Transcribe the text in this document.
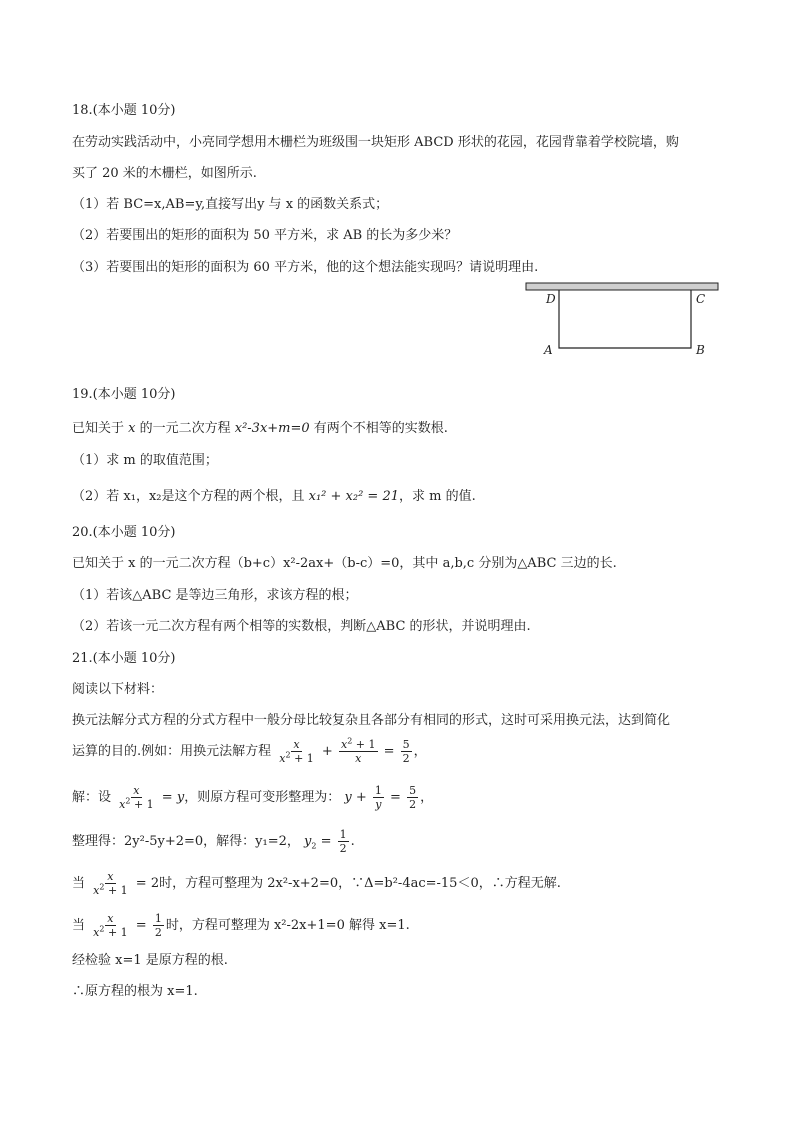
18.(本小题 10分)
在劳动实践活动中，小亮同学想用木栅栏为班级围一块矩形 ABCD 形状的花园，花园背靠着学校院墙，购
买了 20 米的木栅栏，如图所示.
（1）若 BC=x,AB=y,直接写出y 与 x 的函数关系式；
（2）若要围出的矩形的面积为 50 平方米，求 AB 的长为多少米？
（3）若要围出的矩形的面积为 60 平方米，他的这个想法能实现吗？请说明理由.
D	C
A	B
19.(本小题 10分)
已知关于 x 的一元二次方程 x²-3x+m=0 有两个不相等的实数根.
（1）求 m 的取值范围；
（2）若 x₁，x₂是这个方程的两个根，且 x₁² + x₂² = 21，求 m 的值.
20.(本小题 10分)
已知关于 x 的一元二次方程（b+c）x²-2ax+（b-c）=0，其中 a,b,c 分别为△ABC 三边的长.
（1）若该△ABC 是等边三角形，求该方程的根；
（2）若该一元二次方程有两个相等的实数根，判断△ABC 的形状，并说明理由.
21.(本小题 10分)
阅读以下材料：
换元法解分式方程的分式方程中一般分母比较复杂且各部分有相同的形式，这时可采用换元法，达到简化
运算的目的.例如：用换元法解方程 $\frac{x}{x^2 + 1} + \frac{x^2 + 1}{x} = \frac{5}{2}$ ，
解：设 $\frac{x}{x^2 + 1} = y$，则原方程可变形整理为： $y + \frac{1}{y} = \frac{5}{2}$ ，
整理得：2y²-5y+2=0，解得：y₁=2， $y_2 = \frac{1}{2}$ .
当 $\frac{x}{x^2 + 1} = 2$时，方程可整理为 2x²-x+2=0，∵Δ=b²-4ac=-15＜0，∴方程无解.
当 $\frac{x}{x^2 + 1} = \frac{1}{2}$ 时，方程可整理为 x²-2x+1=0 解得 x=1.
经检验 x=1 是原方程的根.
∴原方程的根为 x=1.
